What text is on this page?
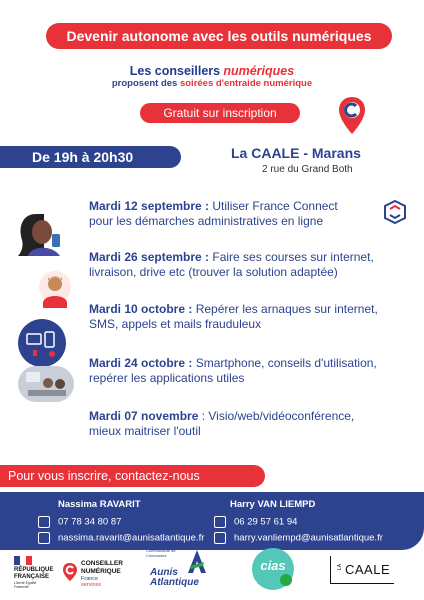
Devenir autonome avec les outils numériques
Les conseillers numériques
proposent des soirées d'entraide numérique
Gratuit sur inscription
De 19h à 20h30	La CAALE - Marans
2 rue du Grand Both
Mardi 12 septembre : Utiliser France Connect
pour les démarches administratives en ligne
Mardi 26 septembre : Faire ses courses sur internet,
livraison, drive etc (trouver la solution adaptée)
Mardi 10 octobre : Repérer les arnaques sur internet,
SMS, appels et mails frauduleux
Mardi 24 octobre : Smartphone, conseils d'utilisation,
repérer les applications utiles
Mardi 07 novembre : Visio/web/vidéoconférence,
mieux maitriser l'outil
Pour vous inscrire, contactez-nous
Nassima RAVARIT
07 78 34 80 87
nassima.ravarit@aunisatlantique.fr
Harry VAN LIEMPD
06 29 57 61 94
harry.vanliempd@aunisatlantique.fr
RÉPUBLIQUE
FRANÇAISE
Liberté Égalité Fraternité
CONSEILLER
NUMÉRIQUE
France
services
Communauté de Communes
Aunis
Atlantique
cias	LA CAALE
